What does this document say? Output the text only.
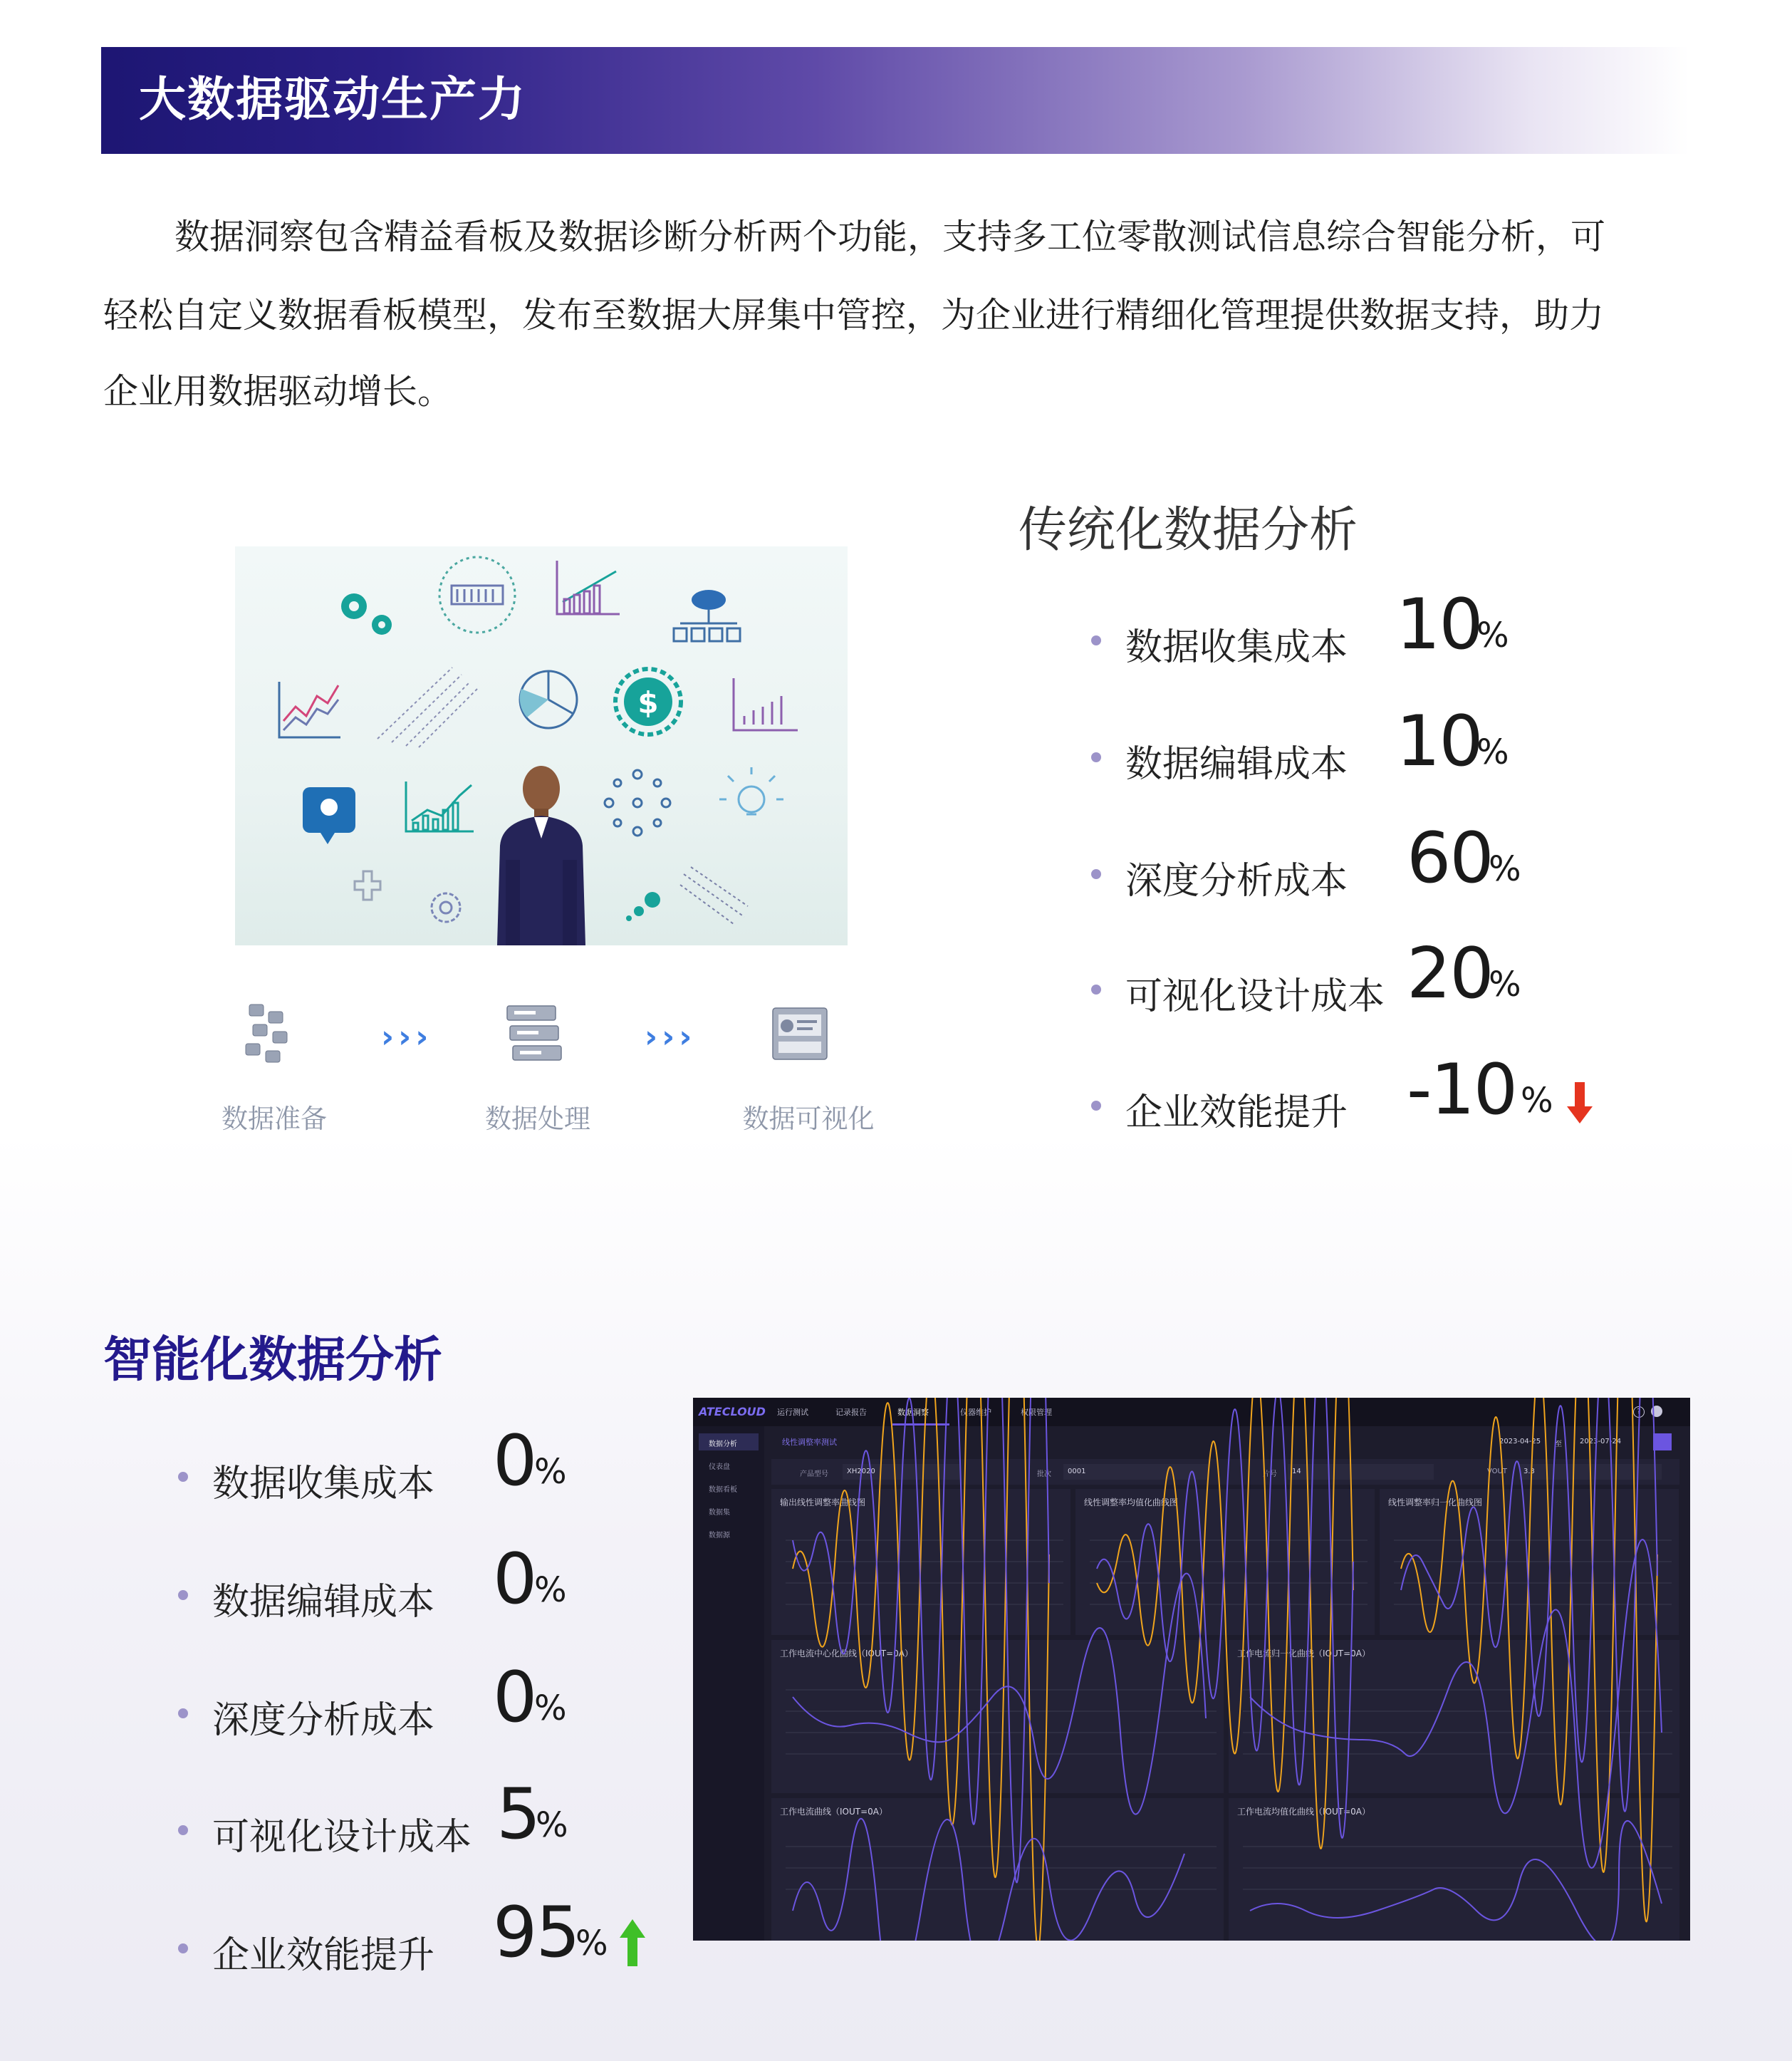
大数据驱动生产力
数据洞察包含精益看板及数据诊断分析两个功能，支持多工位零散测试信息综合智能分析，可
轻松自定义数据看板模型，发布至数据大屏集中管控，为企业进行精细化管理提供数据支持，助力
企业用数据驱动增长。
$
›››	›››
数据准备	数据处理	数据可视化
传统化数据分析
数据收集成本 10
%
数据编辑成本 10
%
深度分析成本 60
%
可视化设计成本 20
%
企业效能提升 -10 %
智能化数据分析
数据收集成本 0
%
数据编辑成本 0
%
深度分析成本 0
%
可视化设计成本 5
%
企业效能提升 95
%
ATECLOUD 运行测试	记录报告	数据洞察	仪器维护	权限管理	?
数据分析
仪表盘
数据看板
数据集
数据源
线性调整率测试	2023-04-25 至	2023-07-24
产品型号	XH2020	批次 0001	片号 14	VOUT 3.3
输出线性调整率曲线图	线性调整率均值化曲线图	线性调整率归一化曲线图
工作电流中心化曲线（IOUT=0A）	工作电流归一化曲线（IOUT=0A）
工作电流曲线（IOUT=0A）	工作电流均值化曲线（IOUT=0A）
